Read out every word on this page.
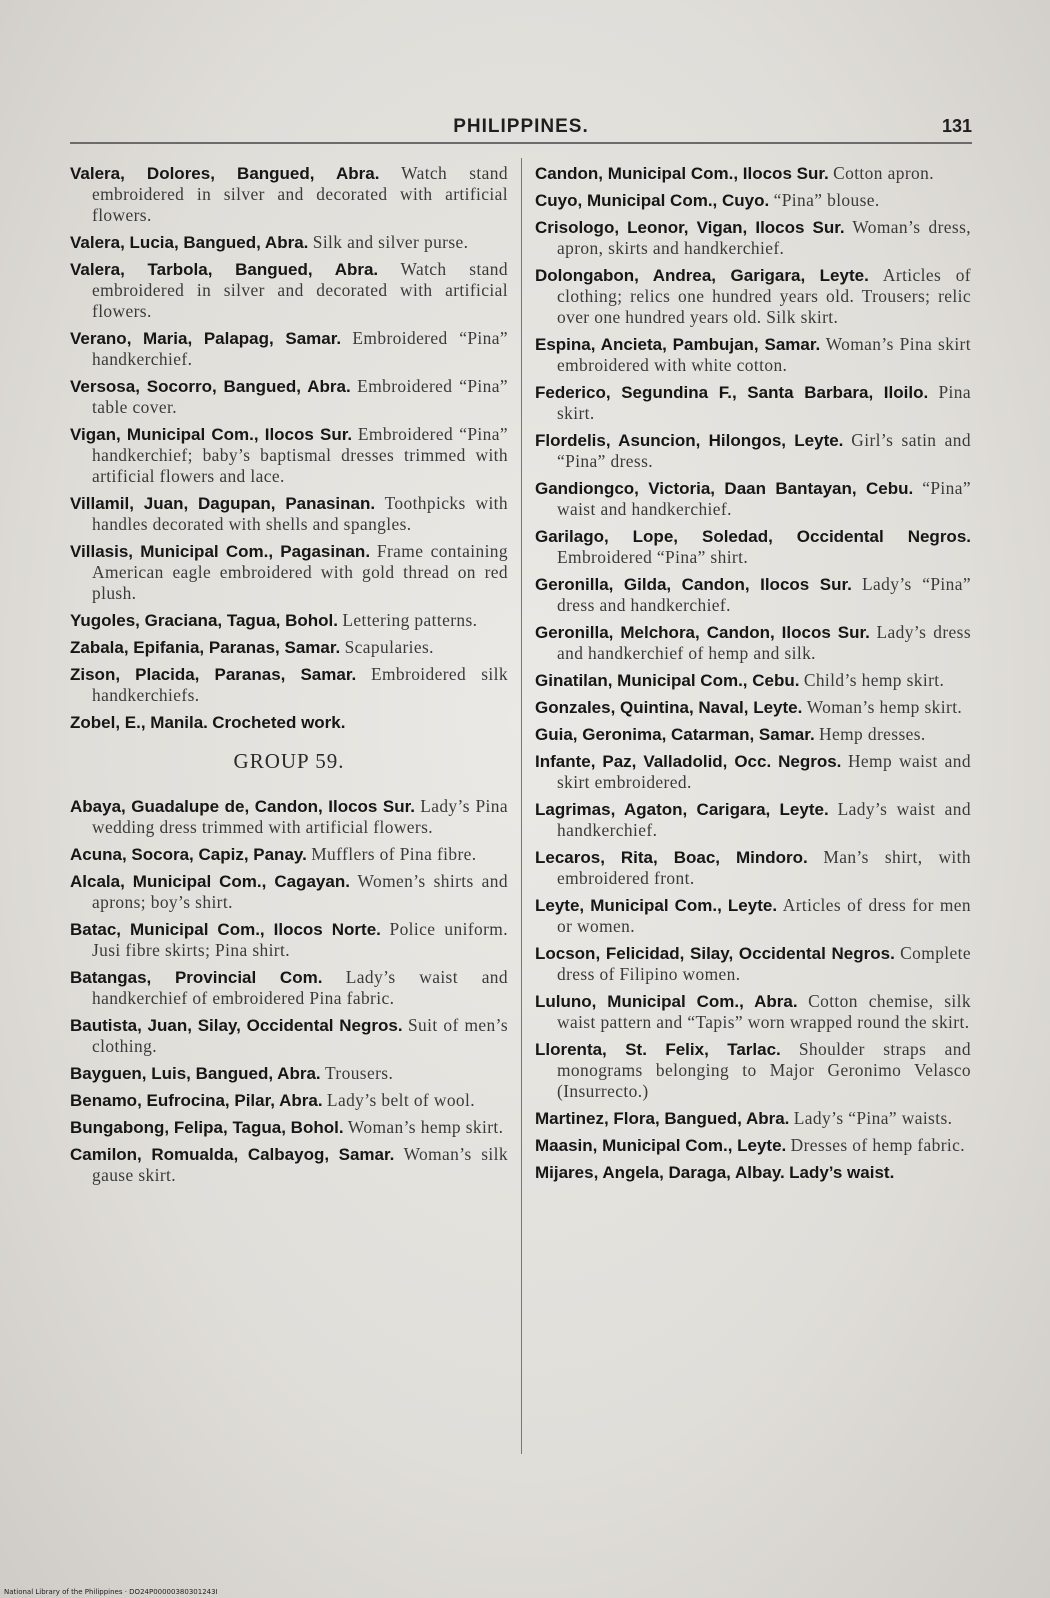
PHILIPPINES.	131

Valera, Dolores, Bangued, Abra. Watch stand embroidered in silver and decorated with artificial flowers.

Valera, Lucia, Bangued, Abra. Silk and silver purse.

Valera, Tarbola, Bangued, Abra. Watch stand embroidered in silver and decorated with artificial flowers.

Verano, Maria, Palapag, Samar. Embroidered “Pina” handkerchief.

Versosa, Socorro, Bangued, Abra. Embroidered “Pina” table cover.

Vigan, Municipal Com., Ilocos Sur. Embroidered “Pina” handkerchief; baby’s baptismal dresses trimmed with artificial flowers and lace.

Villamil, Juan, Dagupan, Panasinan. Toothpicks with handles decorated with shells and spangles.

Villasis, Municipal Com., Pagasinan. Frame containing American eagle embroidered with gold thread on red plush.

Yugoles, Graciana, Tagua, Bohol. Lettering patterns.

Zabala, Epifania, Paranas, Samar. Scapularies.

Zison, Placida, Paranas, Samar. Embroidered silk handkerchiefs.

Zobel, E., Manila. Crocheted work.

GROUP 59.

Abaya, Guadalupe de, Candon, Ilocos Sur. Lady’s Pina wedding dress trimmed with artificial flowers.

Acuna, Socora, Capiz, Panay. Mufflers of Pina fibre.

Alcala, Municipal Com., Cagayan. Women’s shirts and aprons; boy’s shirt.

Batac, Municipal Com., Ilocos Norte. Police uniform. Jusi fibre skirts; Pina shirt.

Batangas, Provincial Com. Lady’s waist and handkerchief of embroidered Pina fabric.

Bautista, Juan, Silay, Occidental Negros. Suit of men’s clothing.

Bayguen, Luis, Bangued, Abra. Trousers.

Benamo, Eufrocina, Pilar, Abra. Lady’s belt of wool.

Bungabong, Felipa, Tagua, Bohol. Woman’s hemp skirt.

Camilon, Romualda, Calbayog, Samar. Woman’s silk gause skirt.

Candon, Municipal Com., Ilocos Sur. Cotton apron.

Cuyo, Municipal Com., Cuyo. “Pina” blouse.

Crisologo, Leonor, Vigan, Ilocos Sur. Woman’s dress, apron, skirts and handkerchief.

Dolongabon, Andrea, Garigara, Leyte. Articles of clothing; relics one hundred years old. Trousers; relic over one hundred years old. Silk skirt.

Espina, Ancieta, Pambujan, Samar. Woman’s Pina skirt embroidered with white cotton.

Federico, Segundina F., Santa Barbara, Iloilo. Pina skirt.

Flordelis, Asuncion, Hilongos, Leyte. Girl’s satin and “Pina” dress.

Gandiongco, Victoria, Daan Bantayan, Cebu. “Pina” waist and handkerchief.

Garilago, Lope, Soledad, Occidental Negros. Embroidered “Pina” shirt.

Geronilla, Gilda, Candon, Ilocos Sur. Lady’s “Pina” dress and handkerchief.

Geronilla, Melchora, Candon, Ilocos Sur. Lady’s dress and handkerchief of hemp and silk.

Ginatilan, Municipal Com., Cebu. Child’s hemp skirt.

Gonzales, Quintina, Naval, Leyte. Woman’s hemp skirt.

Guia, Geronima, Catarman, Samar. Hemp dresses.

Infante, Paz, Valladolid, Occ. Negros. Hemp waist and skirt embroidered.

Lagrimas, Agaton, Carigara, Leyte. Lady’s waist and handkerchief.

Lecaros, Rita, Boac, Mindoro. Man’s shirt, with embroidered front.

Leyte, Municipal Com., Leyte. Articles of dress for men or women.

Locson, Felicidad, Silay, Occidental Negros. Complete dress of Filipino women.

Luluno, Municipal Com., Abra. Cotton chemise, silk waist pattern and “Tapis” worn wrapped round the skirt.

Llorenta, St. Felix, Tarlac. Shoulder straps and monograms belonging to Major Geronimo Velasco (Insurrecto.)

Martinez, Flora, Bangued, Abra. Lady’s “Pina” waists.

Maasin, Municipal Com., Leyte. Dresses of hemp fabric.

Mijares, Angela, Daraga, Albay. Lady’s waist.

National Library of the Philippines · DO24P00000380301243I
